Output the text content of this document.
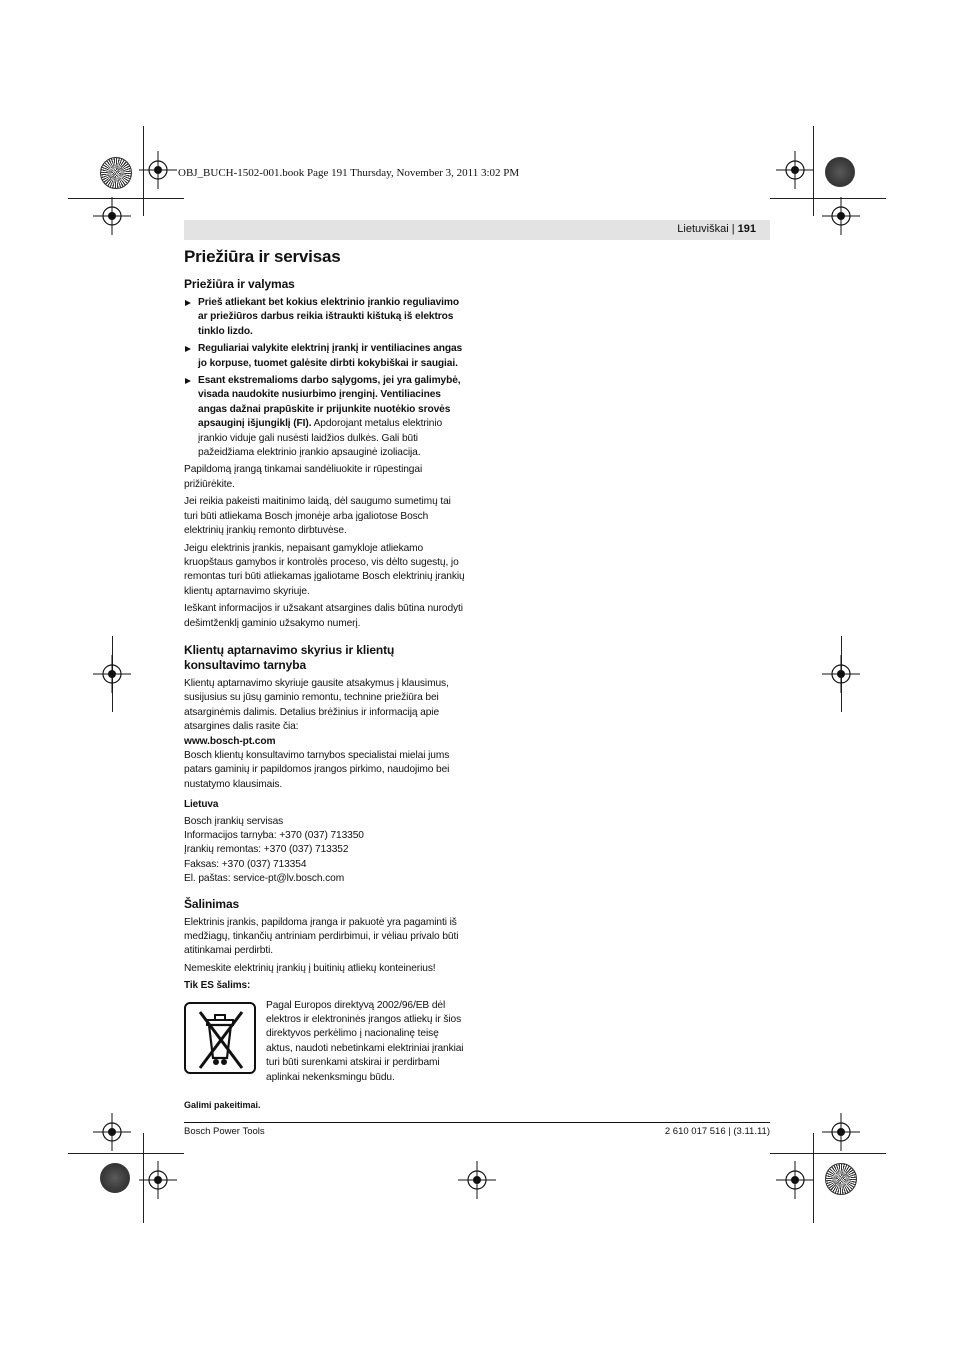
OBJ_BUCH-1502-001.book Page 191 Thursday, November 3, 2011 3:02 PM
Lietuviškai | 191
Priežiūra ir servisas
Priežiūra ir valymas

Prieš atliekant bet kokius elektrinio įrankio reguliavimo ar priežiūros darbus reikia ištraukti kištuką iš elektros tinklo lizdo.

Reguliariai valykite elektrinį įrankį ir ventiliacines angas jo korpuse, tuomet galėsite dirbti kokybiškai ir saugiai.

Esant ekstremalioms darbo sąlygoms, jei yra galimybė, visada naudokite nusiurbimo įrenginį. Ventiliacines angas dažnai prapūskite ir prijunkite nuotėkio srovės apsauginį išjungiklį (FI). Apdorojant metalus elektrinio įrankio viduje gali nusėsti laidžios dulkės. Gali būti pažeidžiama elektrinio įrankio apsauginė izoliacija.

Papildomą įrangą tinkamai sandėliuokite ir rūpestingai prižiūrėkite.

Jei reikia pakeisti maitinimo laidą, dėl saugumo sumetimų tai turi būti atliekama Bosch įmonėje arba įgaliotose Bosch elektrinių įrankių remonto dirbtuvėse.

Jeigu elektrinis įrankis, nepaisant gamykloje atliekamo kruopštaus gamybos ir kontrolės proceso, vis dėlto sugestų, jo remontas turi būti atliekamas įgaliotame Bosch elektrinių įrankių klientų aptarnavimo skyriuje.

Ieškant informacijos ir užsakant atsargines dalis būtina nurodyti dešimtženklį gaminio užsakymo numerį.

Klientų aptarnavimo skyrius ir klientų konsultavimo tarnyba

Klientų aptarnavimo skyriuje gausite atsakymus į klausimus, susijusius su jūsų gaminio remontu, technine priežiūra bei atsarginėmis dalimis. Detalius brėžinius ir informaciją apie atsargines dalis rasite čia:

www.bosch-pt.com

Bosch klientų konsultavimo tarnybos specialistai mielai jums patars gaminių ir papildomos įrangos pirkimo, naudojimo bei nustatymo klausimais.

Lietuva

Bosch įrankių servisas

Informacijos tarnyba: +370 (037) 713350

Įrankių remontas: +370 (037) 713352

Faksas: +370 (037) 713354

El. paštas: service-pt@lv.bosch.com

Šalinimas

Elektrinis įrankis, papildoma įranga ir pakuotė yra pagaminti iš medžiagų, tinkančių antriniam perdirbimui, ir vėliau privalo būti atitinkamai perdirbti.

Nemeskite elektrinių įrankių į buitinių atliekų konteinerius!

Tik ES šalims:

Pagal Europos direktyvą 2002/96/EB dėl elektros ir elektroninės įrangos atliekų ir šios direktyvos perkėlimo į nacionalinę teisę aktus, naudoti nebetinkami elektriniai įrankiai turi būti surenkami atskirai ir perdirbami aplinkai nekenksmingu būdu.

Galimi pakeitimai.
Bosch Power Tools	2 610 017 516 | (3.11.11)
